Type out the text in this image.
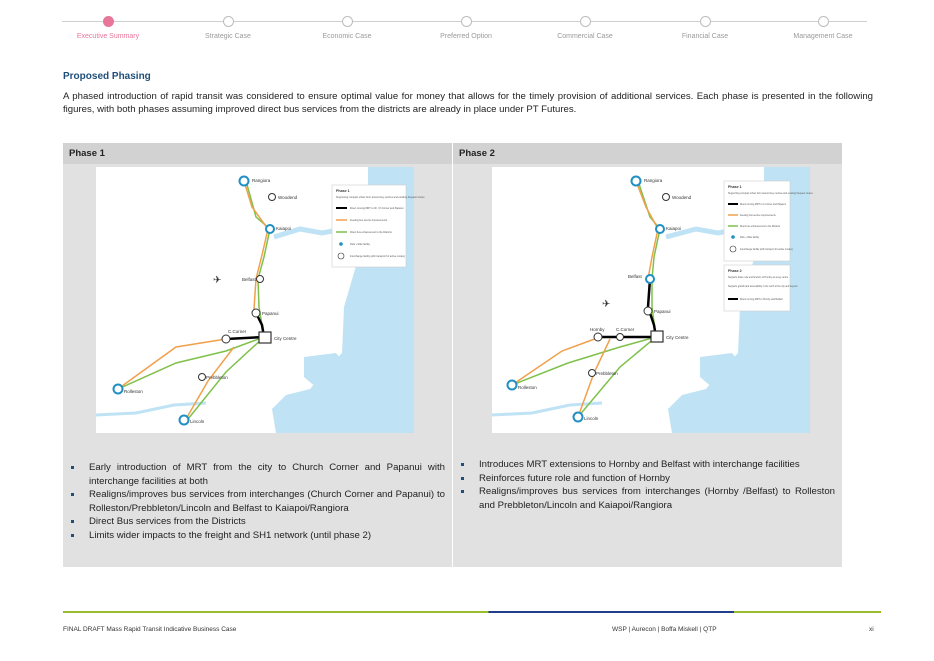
Executive Summary	Strategic Case	Economic Case	Preferred Option	Commercial Case	Financial Case	Management Case
Proposed Phasing

A phased introduction of rapid transit was considered to ensure optimal value for money that allows for the timely provision of additional services. Each phase is presented in the following figures, with both phases assuming improved direct bus services from the districts are already in place under PT Futures.

Phase 1
✈
Rangiora
Woodend
Kaiapoi
Belfast
Papanui
C.Corner
City Centre
Prebbleton
Rolleston
Lincoln
Phase 1
Supporting compact urban form around key centres and existing frequent routes
Direct running MRT to Ch. Ch Corner and Papanui
Feeding bus service improvements
Direct bus enhancement to the Districts
Park + Ride facility
Interchange facility (with transport for active modes)
Early introduction of MRT from the city to Church Corner and Papanui with interchange facilities at both
Realigns/improves bus services from interchanges (Church Corner and Papanui) to Rolleston/Prebbleton/Lincoln and Belfast to Kaiapoi/Rangiora
Direct Bus services from the Districts
Limits wider impacts to the freight and SH1 network (until phase 2)
Phase 2
✈
Rangiora
Woodend
Kaiapoi
Belfast
Papanui
Hornby	C.Corner
City Centre
Prebbleton
Rolleston
Lincoln
Phase 1
Supporting compact urban form around key centres and existing frequent routes
Direct running MRT to C.Corner and Papanui
Feeding bus service improvements
Direct bus enhancement to the Districts
Park + Ride facility
Interchange facility (with transport for active modes)
Phase 2
Supports future role and function of Hornby as a key centre
Supports growth and accessibility in the north of the city and beyond
Direct running MRT to Hornby and Belfast
Introduces MRT extensions to Hornby and Belfast with interchange facilities
Reinforces future role and function of Hornby
Realigns/improves bus services from interchanges (Hornby /Belfast) to Rolleston and Prebbleton/Lincoln and Kaiapoi/Rangiora
FINAL DRAFT Mass Rapid Transit Indicative Business Case	WSP | Aurecon | Boffa Miskell | QTP	xi
